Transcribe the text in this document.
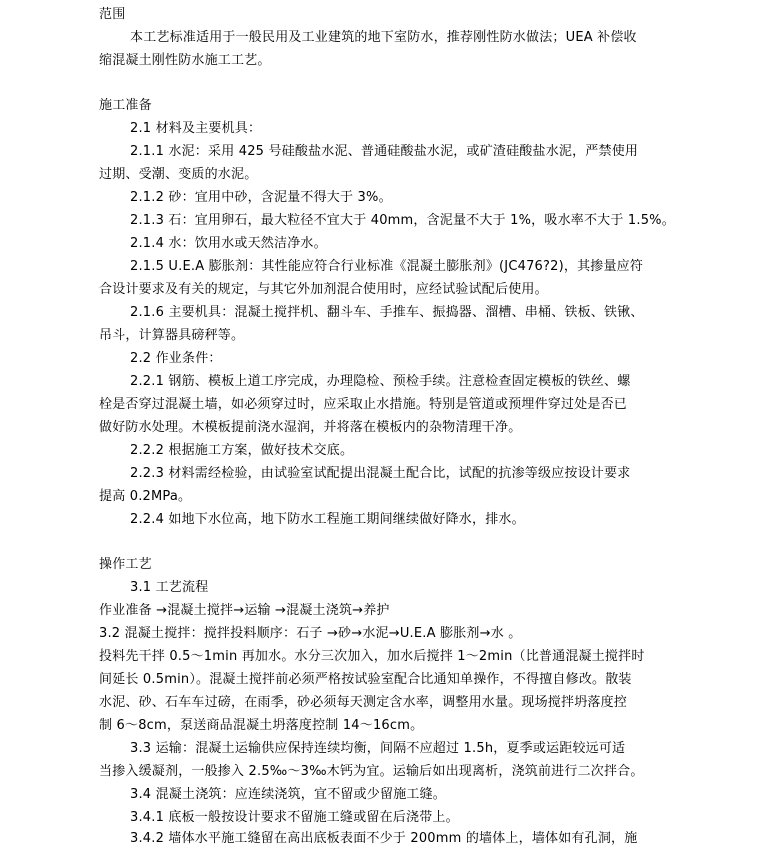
范围
本工艺标准适用于一般民用及工业建筑的地下室防水，推荐刚性防水做法；UEA 补偿收
缩混凝土刚性防水施工工艺。
施工准备
2.1 材料及主要机具：
2.1.1 水泥：采用 425 号硅酸盐水泥、普通硅酸盐水泥，或矿渣硅酸盐水泥，严禁使用
过期、受潮、变质的水泥。
2.1.2 砂：宜用中砂，含泥量不得大于 3%。
2.1.3 石：宜用卵石，最大粒径不宜大于 40mm，含泥量不大于 1%，吸水率不大于 1.5%。
2.1.4 水：饮用水或天然洁净水。
2.1.5 U.E.A 膨胀剂：其性能应符合行业标准《混凝土膨胀剂》(JC476?2)，其掺量应符
合设计要求及有关的规定，与其它外加剂混合使用时，应经试验试配后使用。
2.1.6 主要机具：混凝土搅拌机、翻斗车、手推车、振捣器、溜槽、串桶、铁板、铁锹、
吊斗，计算器具磅秤等。
2.2 作业条件：
2.2.1 钢筋、模板上道工序完成，办理隐检、预检手续。注意检查固定模板的铁丝、螺
栓是否穿过混凝土墙，如必须穿过时，应采取止水措施。特别是管道或预埋件穿过处是否已
做好防水处理。木模板提前浇水湿润，并将落在模板内的杂物清理干净。
2.2.2 根据施工方案，做好技术交底。
2.2.3 材料需经检验，由试验室试配提出混凝土配合比，试配的抗渗等级应按设计要求
提高 0.2MPa。
2.2.4 如地下水位高，地下防水工程施工期间继续做好降水，排水。
操作工艺
3.1 工艺流程
作业准备 →混凝土搅拌→运输 →混凝土浇筑→养护
3.2 混凝土搅拌：搅拌投料顺序：石子 →砂→水泥→U.E.A 膨胀剂→水 。
投料先干拌 0.5～1min 再加水。水分三次加入，加水后搅拌 1～2min（比普通混凝土搅拌时
间延长 0.5min）。混凝土搅拌前必须严格按试验室配合比通知单操作，不得擅自修改。散装
水泥、砂、石车车过磅，在雨季，砂必须每天测定含水率，调整用水量。现场搅拌坍落度控
制 6～8cm，泵送商品混凝土坍落度控制 14～16cm。
3.3 运输：混凝土运输供应保持连续均衡，间隔不应超过 1.5h，夏季或运距较远可适
当掺入缓凝剂，一般掺入 2.5‰～3‰木钙为宜。运输后如出现离析，浇筑前进行二次拌合。
3.4 混凝土浇筑：应连续浇筑，宜不留或少留施工缝。
3.4.1 底板一般按设计要求不留施工缝或留在后浇带上。
3.4.2 墙体水平施工缝留在高出底板表面不少于 200mm 的墙体上，墙体如有孔洞，施
